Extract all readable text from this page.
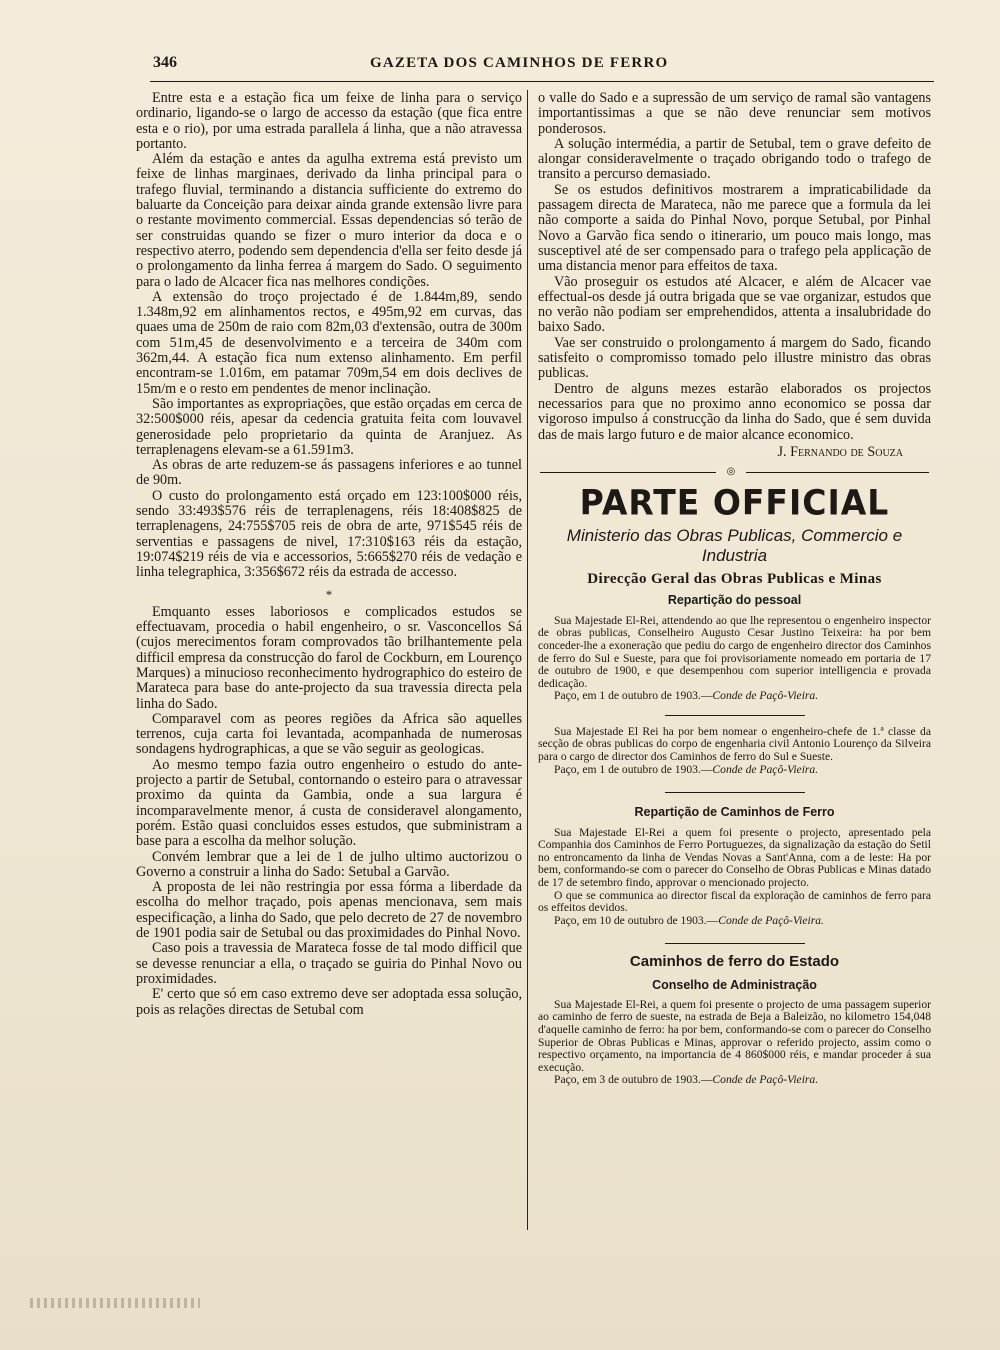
346	GAZETA DOS CAMINHOS DE FERRO

Entre esta e a estação fica um feixe de linha para o serviço ordinario, ligando-se o largo de accesso da estação (que fica entre esta e o rio), por uma estrada parallela á linha, que a não atravessa portanto.

Além da estação e antes da agulha extrema está previsto um feixe de linhas marginaes, derivado da linha principal para o trafego fluvial, terminando a distancia sufficiente do extremo do baluarte da Conceição para deixar ainda grande extensão livre para o restante movimento commercial. Essas dependencias só terão de ser construidas quando se fizer o muro interior da doca e o respectivo aterro, podendo sem dependencia d'ella ser feito desde já o prolongamento da linha ferrea á margem do Sado. O seguimento para o lado de Alcacer fica nas melhores condições.

A extensão do troço projectado é de 1.844m,89, sendo 1.348m,92 em alinhamentos rectos, e 495m,92 em curvas, das quaes uma de 250m de raio com 82m,03 d'extensão, outra de 300m com 51m,45 de desenvolvimento e a terceira de 340m com 362m,44. A estação fica num extenso alinhamento. Em perfil encontram-se 1.016m, em patamar 709m,54 em dois declives de 15m/m e o resto em pendentes de menor inclinação.

São importantes as expropriações, que estão orçadas em cerca de 32:500$000 réis, apesar da cedencia gratuita feita com louvavel generosidade pelo proprietario da quinta de Aranjuez. As terraplenagens elevam-se a 61.591m3.

As obras de arte reduzem-se ás passagens inferiores e ao tunnel de 90m.

O custo do prolongamento está orçado em 123:100$000 réis, sendo 33:493$576 réis de terraplenagens, réis 18:408$825 de terraplenagens, 24:755$705 reis de obra de arte, 971$545 réis de serventias e passagens de nivel, 17:310$163 réis da estação, 19:074$219 réis de via e accessorios, 5:665$270 réis de vedação e linha telegraphica, 3:356$672 réis da estrada de accesso.

*

Emquanto esses laboriosos e complicados estudos se effectuavam, procedia o habil engenheiro, o sr. Vasconcellos Sá (cujos merecimentos foram comprovados tão brilhantemente pela difficil empresa da construcção do farol de Cockburn, em Lourenço Marques) a minucioso reconhecimento hydrographico do esteiro de Marateca para base do ante-projecto da sua travessia directa pela linha do Sado.

Comparavel com as peores regiões da Africa são aquelles terrenos, cuja carta foi levantada, acompanhada de numerosas sondagens hydrographicas, a que se vão seguir as geologicas.

Ao mesmo tempo fazia outro engenheiro o estudo do ante-projecto a partir de Setubal, contornando o esteiro para o atravessar proximo da quinta da Gambia, onde a sua largura é incomparavelmente menor, á custa de consideravel alongamento, porém. Estão quasi concluidos esses estudos, que subministram a base para a escolha da melhor solução.

Convém lembrar que a lei de 1 de julho ultimo auctorizou o Governo a construir a linha do Sado: Setubal a Garvão.

A proposta de lei não restringia por essa fórma a liberdade da escolha do melhor traçado, pois apenas mencionava, sem mais especificação, a linha do Sado, que pelo decreto de 27 de novembro de 1901 podia sair de Setubal ou das proximidades do Pinhal Novo.

Caso pois a travessia de Marateca fosse de tal modo difficil que se devesse renunciar a ella, o traçado se guiria do Pinhal Novo ou proximidades.

E' certo que só em caso extremo deve ser adoptada essa solução, pois as relações directas de Setubal com

o valle do Sado e a supressão de um serviço de ramal são vantagens importantissimas a que se não deve renunciar sem motivos ponderosos.

A solução intermédia, a partir de Setubal, tem o grave defeito de alongar consideravelmente o traçado obrigando todo o trafego de transito a percurso demasiado.

Se os estudos definitivos mostrarem a impraticabilidade da passagem directa de Marateca, não me parece que a formula da lei não comporte a saida do Pinhal Novo, porque Setubal, por Pinhal Novo a Garvão fica sendo o itinerario, um pouco mais longo, mas susceptivel até de ser compensado para o trafego pela applicação de uma distancia menor para effeitos de taxa.

Vão proseguir os estudos até Alcacer, e além de Alcacer vae effectual-os desde já outra brigada que se vae organizar, estudos que no verão não podiam ser emprehendidos, attenta a insalubridade do baixo Sado.

Vae ser construido o prolongamento á margem do Sado, ficando satisfeito o compromisso tomado pelo illustre ministro das obras publicas.

Dentro de alguns mezes estarão elaborados os projectos necessarios para que no proximo anno economico se possa dar vigoroso impulso á construcção da linha do Sado, que é sem duvida das de mais largo futuro e de maior alcance economico.

J. Fernando de Souza
◎
PARTE OFFICIAL
Ministerio das Obras Publicas, Commercio e Industria
Direcção Geral das Obras Publicas e Minas
Repartição do pessoal

Sua Majestade El-Rei, attendendo ao que lhe representou o engenheiro inspector de obras publicas, Conselheiro Augusto Cesar Justino Teixeira: ha por bem conceder-lhe a exoneração que pediu do cargo de engenheiro director dos Caminhos de ferro do Sul e Sueste, para que foi provisoriamente nomeado em portaria de 17 de outubro de 1900, e que desempenhou com superior intelligencia e provada dedicação.

Paço, em 1 de outubro de 1903.—Conde de Paçô-Vieira.

Sua Majestade El Rei ha por bem nomear o engenheiro-chefe de 1.ª classe da secção de obras publicas do corpo de engenharia civil Antonio Lourenço da Silveira para o cargo de director dos Caminhos de ferro do Sul e Sueste.

Paço, em 1 de outubro de 1903.—Conde de Paçô-Vieira.

Repartição de Caminhos de Ferro

Sua Majestade El-Rei a quem foi presente o projecto, apresentado pela Companhia dos Caminhos de Ferro Portuguezes, da signalização da estação do Setil no entroncamento da linha de Vendas Novas a Sant'Anna, com a de leste: Ha por bem, conformando-se com o parecer do Conselho de Obras Publicas e Minas datado de 17 de setembro findo, approvar o mencionado projecto.

O que se communica ao director fiscal da exploração de caminhos de ferro para os effeitos devidos.

Paço, em 10 de outubro de 1903.—Conde de Paçô-Vieira.

Caminhos de ferro do Estado
Conselho de Administração

Sua Majestade El-Rei, a quem foi presente o projecto de uma passagem superior ao caminho de ferro de sueste, na estrada de Beja a Baleizão, no kilometro 154,048 d'aquelle caminho de ferro: ha por bem, conformando-se com o parecer do Conselho Superior de Obras Publicas e Minas, approvar o referido projecto, assim como o respectivo orçamento, na importancia de 4 860$000 réis, e mandar proceder á sua execução.

Paço, em 3 de outubro de 1903.—Conde de Paçô-Vieira.
